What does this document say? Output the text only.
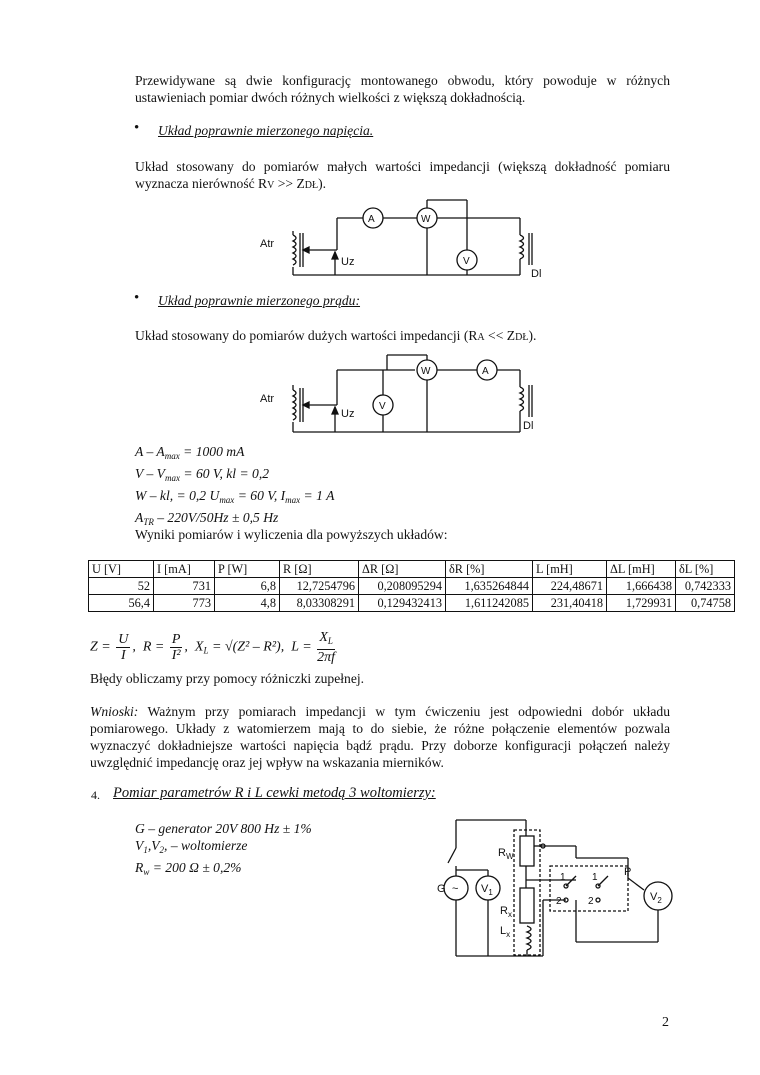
Przewidywane są dwie konfiguracjç montowanego obwodu, który powoduje w różnych ustawieniach pomiar dwóch różnych wielkości z większą dokładnością.

• Układ poprawnie mierzonego napięcia.

Układ stosowany do pomiarów małych wartości impedancji (większą dokładność pomiaru wyznacza nierówność RV >> ZDŁ).

Atr
Uz
Dl
A	W
V
• Układ poprawnie mierzonego prądu:

Układ stosowany do pomiarów dużych wartości impedancji (RA << ZDŁ).

Atr
Uz
Dl
V
W	A
$A - A_{max} = 1000$ mA
$V - V_{max} = 60$ V, kl = 0,2
W – kl, = 0,2 $U_{max} = 60$ V, $I_{max} = 1$ A
$A_{TR} - 220V/50Hz \pm 0,5$ Hz

Wyniki pomiarów i wyliczenia dla powyższych układów:

U [V]	I [mA]	P [W]	R [Ω]	ΔR [Ω]	δR [%]	L [mH]	ΔL [mH]	δL [%]
52	731	6,8	12,7254796	0,208095294	1,635264844	224,48671	1,666438	0,742333
56,4	773	4,8	8,03308291	0,129432413	1,611242085	231,40418	1,729931	0,74758
$Z = \frac{U}{I}$ , $R = \frac{P}{\text{I²}}$ , $X_L = √(Z^2 - R^2)$, $L = \frac{X_L}{2\pi f}$

Błędy obliczamy przy pomocy różniczki zupełnej.

Wnioski: Ważnym przy pomiarach impedancji w tym ćwiczeniu jest odpowiedni dobór układu pomiarowego. Układy z watomierzem mają to do siebie, że różne połączenie elementów pozwala wyznaczyć dokładniejsze wartości napięcia bądź prądu. Przy doborze konfiguracji połączeń należy uwzględnić impedancję oraz jej wpływ na wskazania mierników.

4. Pomiar parametrów R i L cewki metodą 3 woltomierzy:

G – generator 20V 800 Hz ± 1%
$V_1,V_2$, – woltomierze
$R_w = 200$ Ω ± 0,2%
G ~ $V_1$
$R_W$
$R_x$
$L_x$
P
$V_2$
1	1
2	2
2
